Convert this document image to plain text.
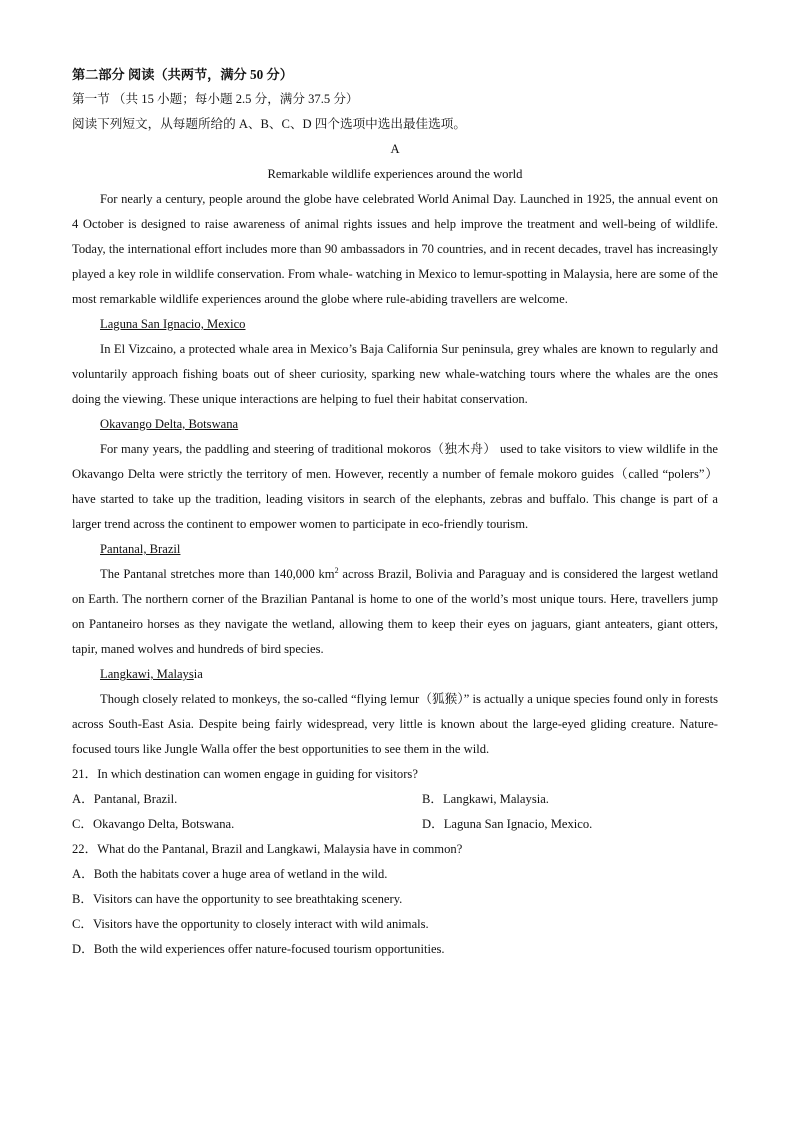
第二部分 阅读（共两节，满分 50 分）
第一节 （共 15 小题；每小题 2.5 分，满分 37.5 分）
阅读下列短文，从每题所给的 A、B、C、D 四个选项中选出最佳选项。
A
Remarkable wildlife experiences around the world
For nearly a century, people around the globe have celebrated World Animal Day. Launched in 1925, the annual event on 4 October is designed to raise awareness of animal rights issues and help improve the treatment and well-being of wildlife. Today, the international effort includes more than 90 ambassadors in 70 countries, and in recent decades, travel has increasingly played a key role in wildlife conservation. From whale- watching in Mexico to lemur-spotting in Malaysia, here are some of the most remarkable wildlife experiences around the globe where rule-abiding travellers are welcome.
Laguna San Ignacio, Mexico
In El Vizcaino, a protected whale area in Mexico’s Baja California Sur peninsula, grey whales are known to regularly and voluntarily approach fishing boats out of sheer curiosity, sparking new whale-watching tours where the whales are the ones doing the viewing. These unique interactions are helping to fuel their habitat conservation.
Okavango Delta, Botswana
For many years, the paddling and steering of traditional mokoros（独木舟） used to take visitors to view wildlife in the Okavango Delta were strictly the territory of men. However, recently a number of female mokoro guides（called “polers”） have started to take up the tradition, leading visitors in search of the elephants, zebras and buffalo. This change is part of a larger trend across the continent to empower women to participate in eco-friendly tourism.
Pantanal, Brazil
The Pantanal stretches more than 140,000 $km^2$ across Brazil, Bolivia and Paraguay and is considered the largest wetland on Earth. The northern corner of the Brazilian Pantanal is home to one of the world’s most unique tours. Here, travellers jump on Pantaneiro horses as they navigate the wetland, allowing them to keep their eyes on jaguars, giant anteaters, giant otters, tapir, maned wolves and hundreds of bird species.
Langkawi, Malaysia
Though closely related to monkeys, the so-called “flying lemur（狐猴）” is actually a unique species found only in forests across South-East Asia. Despite being fairly widespread, very little is known about the large-eyed gliding creature. Nature-focused tours like Jungle Walla offer the best opportunities to see them in the wild.
21．In which destination can women engage in guiding for visitors?
A．Pantanal, Brazil.	B．Langkawi, Malaysia.
C．Okavango Delta, Botswana.	D．Laguna San Ignacio, Mexico.
22．What do the Pantanal, Brazil and Langkawi, Malaysia have in common?
A．Both the habitats cover a huge area of wetland in the wild.
B．Visitors can have the opportunity to see breathtaking scenery.
C．Visitors have the opportunity to closely interact with wild animals.
D．Both the wild experiences offer nature-focused tourism opportunities.
